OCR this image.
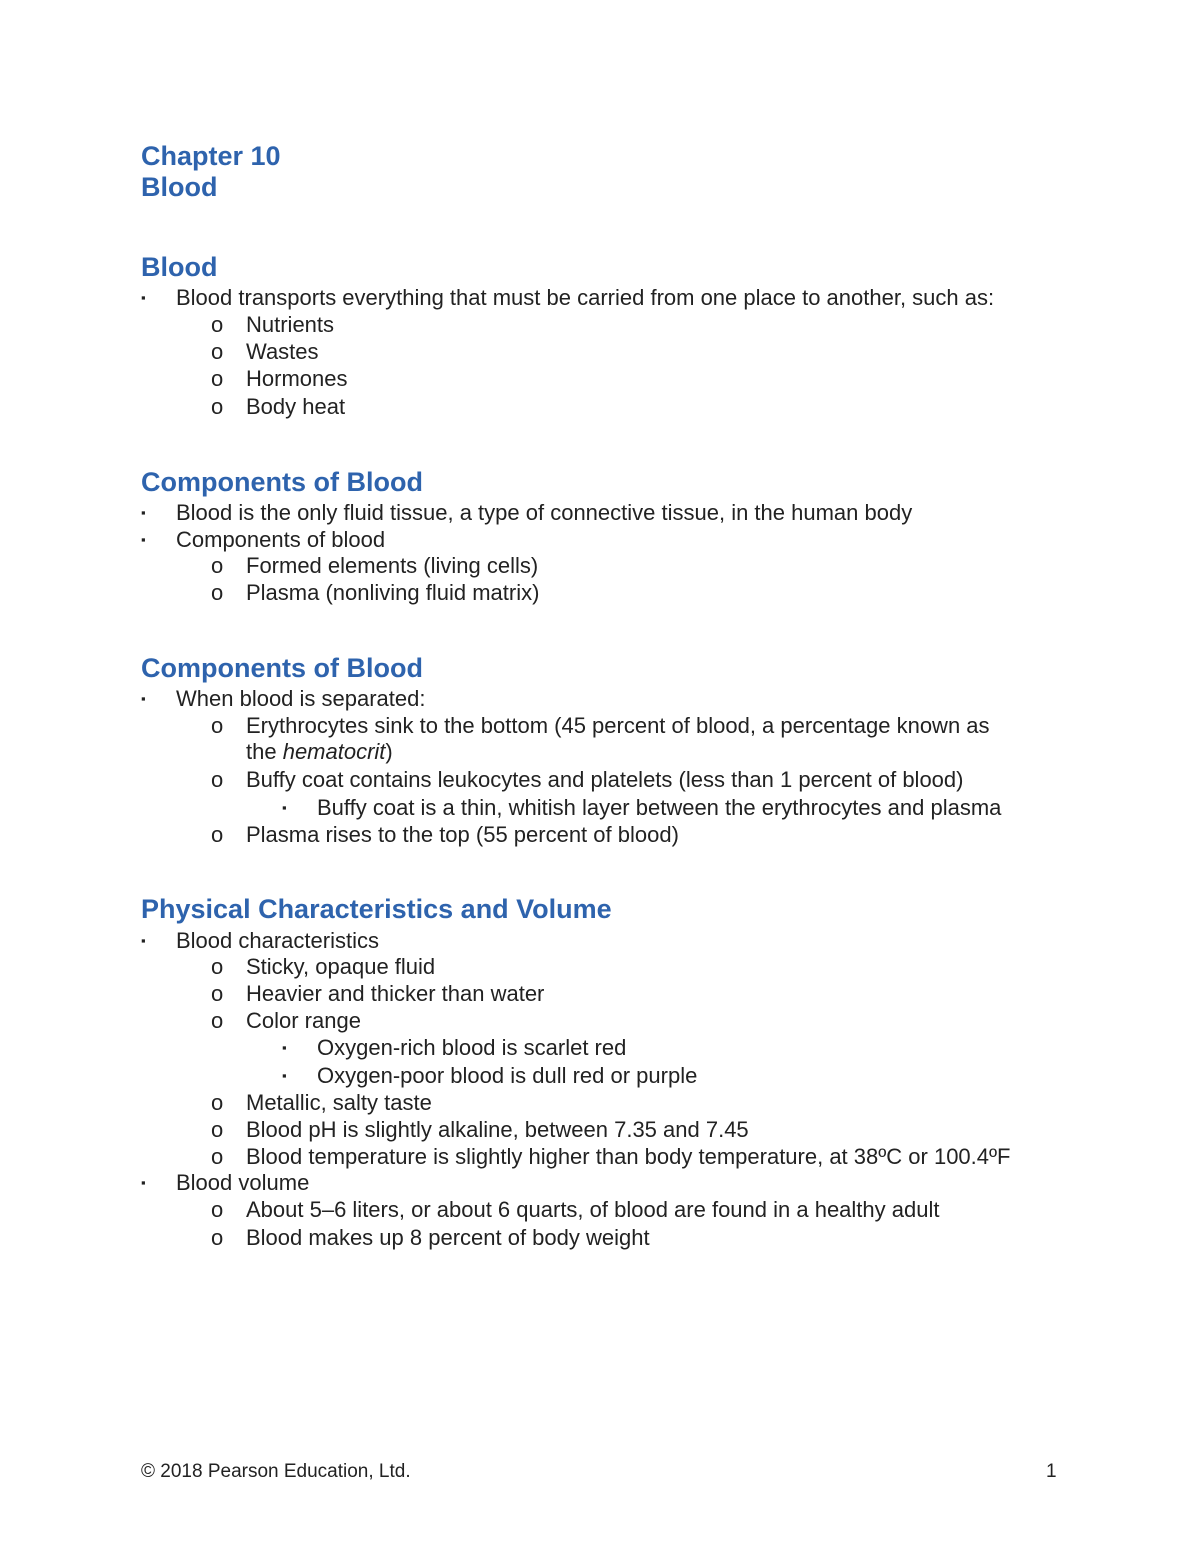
Chapter 10
Blood
Blood
▪ Blood transports everything that must be carried from one place to another, such as:
o Nutrients
o Wastes
o Hormones
o Body heat
Components of Blood
▪ Blood is the only fluid tissue, a type of connective tissue, in the human body
▪ Components of blood
o Formed elements (living cells)
o Plasma (nonliving fluid matrix)
Components of Blood
▪ When blood is separated:
o Erythrocytes sink to the bottom (45 percent of blood, a percentage known as
the hematocrit)
o Buffy coat contains leukocytes and platelets (less than 1 percent of blood)
▪ Buffy coat is a thin, whitish layer between the erythrocytes and plasma
o Plasma rises to the top (55 percent of blood)
Physical Characteristics and Volume
▪ Blood characteristics
o Sticky, opaque fluid
o Heavier and thicker than water
o Color range
▪ Oxygen-rich blood is scarlet red
▪ Oxygen-poor blood is dull red or purple
o Metallic, salty taste
o Blood pH is slightly alkaline, between 7.35 and 7.45
o Blood temperature is slightly higher than body temperature, at 38ºC or 100.4ºF
▪ Blood volume
o About 5–6 liters, or about 6 quarts, of blood are found in a healthy adult
o Blood makes up 8 percent of body weight
© 2018 Pearson Education, Ltd.	1
